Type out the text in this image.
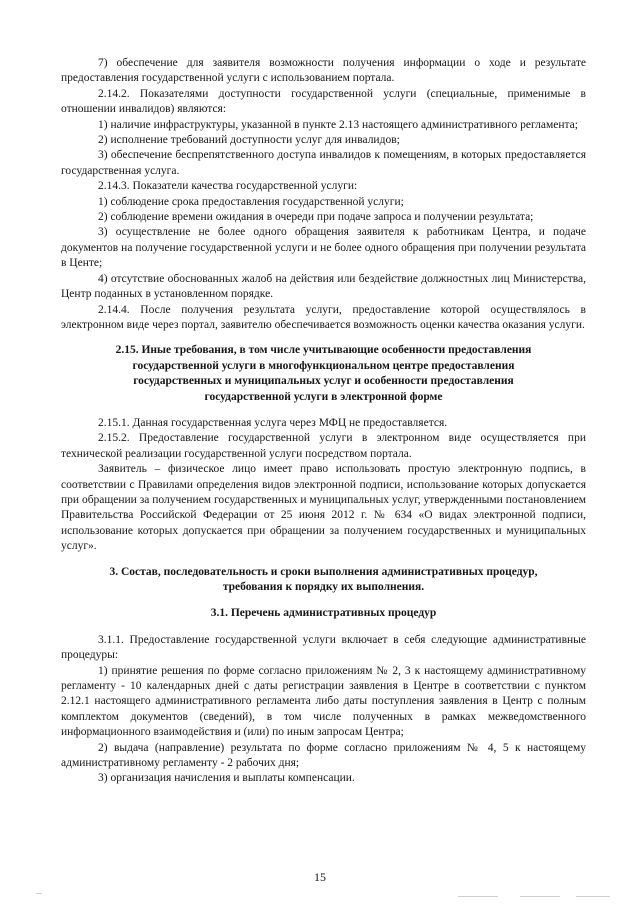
7) обеспечение для заявителя возможности получения информации о ходе и результате предоставления государственной услуги с использованием портала.

2.14.2. Показателями доступности государственной услуги (специальные, применимые в отношении инвалидов) являются:

1) наличие инфраструктуры, указанной в пункте 2.13 настоящего административного регламента;

2) исполнение требований доступности услуг для инвалидов;

3) обеспечение беспрепятственного доступа инвалидов к помещениям, в которых предоставляется государственная услуга.

2.14.3. Показатели качества государственной услуги:

1) соблюдение срока предоставления государственной услуги;

2) соблюдение времени ожидания в очереди при подаче запроса и получении результата;

3) осуществление не более одного обращения заявителя к работникам Центра, и подаче документов на получение государственной услуги и не более одного обращения при получении результата в Центе;

4) отсутствие обоснованных жалоб на действия или бездействие должностных лиц Министерства, Центр поданных в установленном порядке.

2.14.4. После получения результата услуги, предоставление которой осуществлялось в электронном виде через портал, заявителю обеспечивается возможность оценки качества оказания услуги.

2.15. Иные требования, в том числе учитывающие особенности предоставления

государственной услуги в многофункциональном центре предоставления

государственных и муниципальных услуг и особенности предоставления

государственной услуги в электронной форме

2.15.1. Данная государственная услуга через МФЦ не предоставляется.

2.15.2. Предоставление государственной услуги в электронном виде осуществляется при технической реализации государственной услуги посредством портала.

Заявитель – физическое лицо имеет право использовать простую электронную подпись, в соответствии с Правилами определения видов электронной подписи, использование которых допускается при обращении за получением государственных и муниципальных услуг, утвержденными постановлением Правительства Российской Федерации от 25 июня 2012 г. № 634 «О видах электронной подписи, использование которых допускается при обращении за получением государственных и муниципальных услуг».

3. Состав, последовательность и сроки выполнения административных процедур,

требования к порядку их выполнения.

3.1. Перечень административных процедур

3.1.1. Предоставление государственной услуги включает в себя следующие административные процедуры:

1) принятие решения по форме согласно приложениям № 2, 3 к настоящему административному регламенту - 10 календарных дней с даты регистрации заявления в Центре в соответствии с пунктом 2.12.1 настоящего административного регламента либо даты поступления заявления в Центр с полным комплектом документов (сведений), в том числе полученных в рамках межведомственного информационного взаимодействия и (или) по иным запросам Центра;

2) выдача (направление) результата по форме согласно приложениям № 4, 5 к настоящему административному регламенту - 2 рабочих дня;

3) организация начисления и выплаты компенсации.

15
